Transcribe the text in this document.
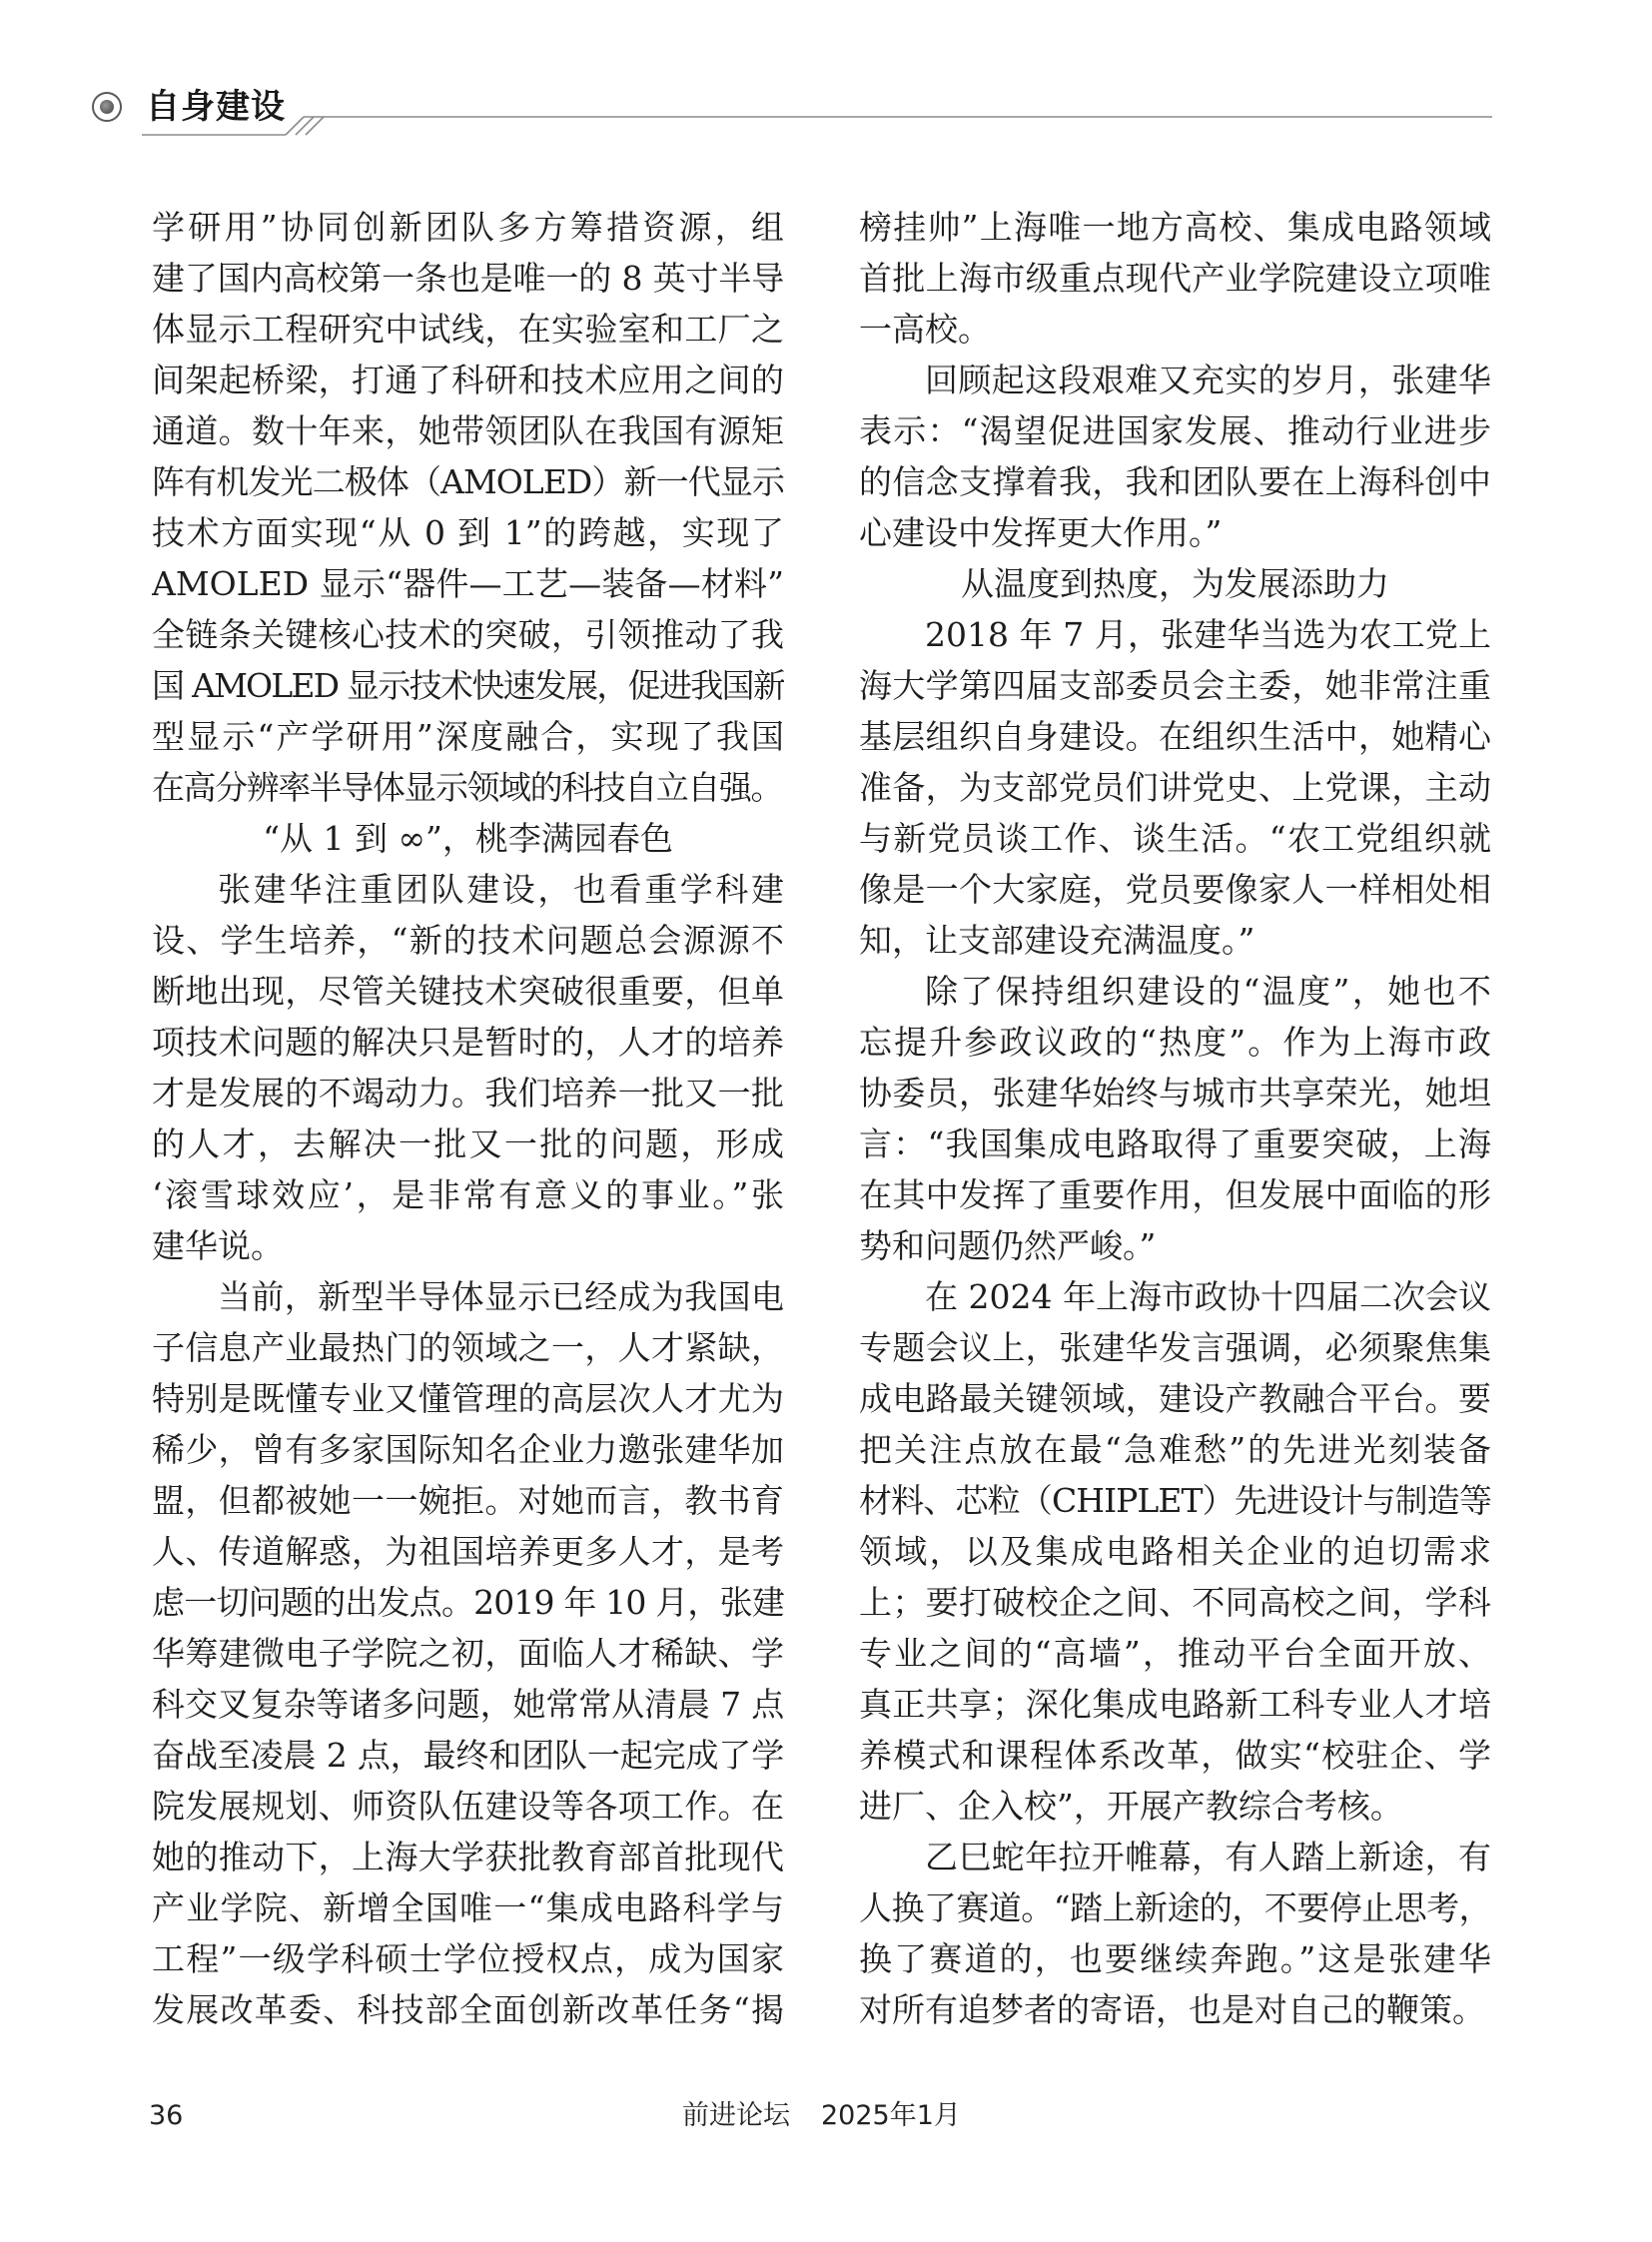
自身建设
学研用”协同创新团队多方筹措资源，组
建了国内高校第一条也是唯一的 8 英寸半导
体显示工程研究中试线，在实验室和工厂之
间架起桥梁，打通了科研和技术应用之间的
通道。数十年来，她带领团队在我国有源矩
阵有机发光二极体（AMOLED）新一代显示
技术方面实现“从 0 到 1”的跨越，实现了
AMOLED 显示“器件—工艺—装备—材料”
全链条关键核心技术的突破，引领推动了我
国 AMOLED 显示技术快速发展，促进我国新
型显示“产学研用”深度融合，实现了我国
在高分辨率半导体显示领域的科技自立自强。
“从 1 到 ∞”，桃李满园春色
张建华注重团队建设，也看重学科建
设、学生培养，“新的技术问题总会源源不
断地出现，尽管关键技术突破很重要，但单
项技术问题的解决只是暂时的，人才的培养
才是发展的不竭动力。我们培养一批又一批
的人才，去解决一批又一批的问题，形成
‘滚雪球效应’，是非常有意义的事业。”张
建华说。
当前，新型半导体显示已经成为我国电
子信息产业最热门的领域之一，人才紧缺，
特别是既懂专业又懂管理的高层次人才尤为
稀少，曾有多家国际知名企业力邀张建华加
盟，但都被她一一婉拒。对她而言，教书育
人、传道解惑，为祖国培养更多人才，是考
虑一切问题的出发点。2019 年 10 月，张建
华筹建微电子学院之初，面临人才稀缺、学
科交叉复杂等诸多问题，她常常从清晨 7 点
奋战至凌晨 2 点，最终和团队一起完成了学
院发展规划、师资队伍建设等各项工作。在
她的推动下，上海大学获批教育部首批现代
产业学院、新增全国唯一“集成电路科学与
工程”一级学科硕士学位授权点，成为国家
发展改革委、科技部全面创新改革任务“揭
榜挂帅”上海唯一地方高校、集成电路领域
首批上海市级重点现代产业学院建设立项唯
一高校。
回顾起这段艰难又充实的岁月，张建华
表示：“渴望促进国家发展、推动行业进步
的信念支撑着我，我和团队要在上海科创中
心建设中发挥更大作用。”
从温度到热度，为发展添助力
2018 年 7 月，张建华当选为农工党上
海大学第四届支部委员会主委，她非常注重
基层组织自身建设。在组织生活中，她精心
准备，为支部党员们讲党史、上党课，主动
与新党员谈工作、谈生活。“农工党组织就
像是一个大家庭，党员要像家人一样相处相
知，让支部建设充满温度。”
除了保持组织建设的“温度”，她也不
忘提升参政议政的“热度”。作为上海市政
协委员，张建华始终与城市共享荣光，她坦
言：“我国集成电路取得了重要突破，上海
在其中发挥了重要作用，但发展中面临的形
势和问题仍然严峻。”
在 2024 年上海市政协十四届二次会议
专题会议上，张建华发言强调，必须聚焦集
成电路最关键领域，建设产教融合平台。要
把关注点放在最“急难愁”的先进光刻装备
材料、芯粒（CHIPLET）先进设计与制造等
领域，以及集成电路相关企业的迫切需求
上；要打破校企之间、不同高校之间，学科
专业之间的“高墙”，推动平台全面开放、
真正共享；深化集成电路新工科专业人才培
养模式和课程体系改革，做实“校驻企、学
进厂、企入校”，开展产教综合考核。
乙巳蛇年拉开帷幕，有人踏上新途，有
人换了赛道。“踏上新途的，不要停止思考，
换了赛道的，也要继续奔跑。”这是张建华
对所有追梦者的寄语，也是对自己的鞭策。
36	前进论坛 2025年1月
